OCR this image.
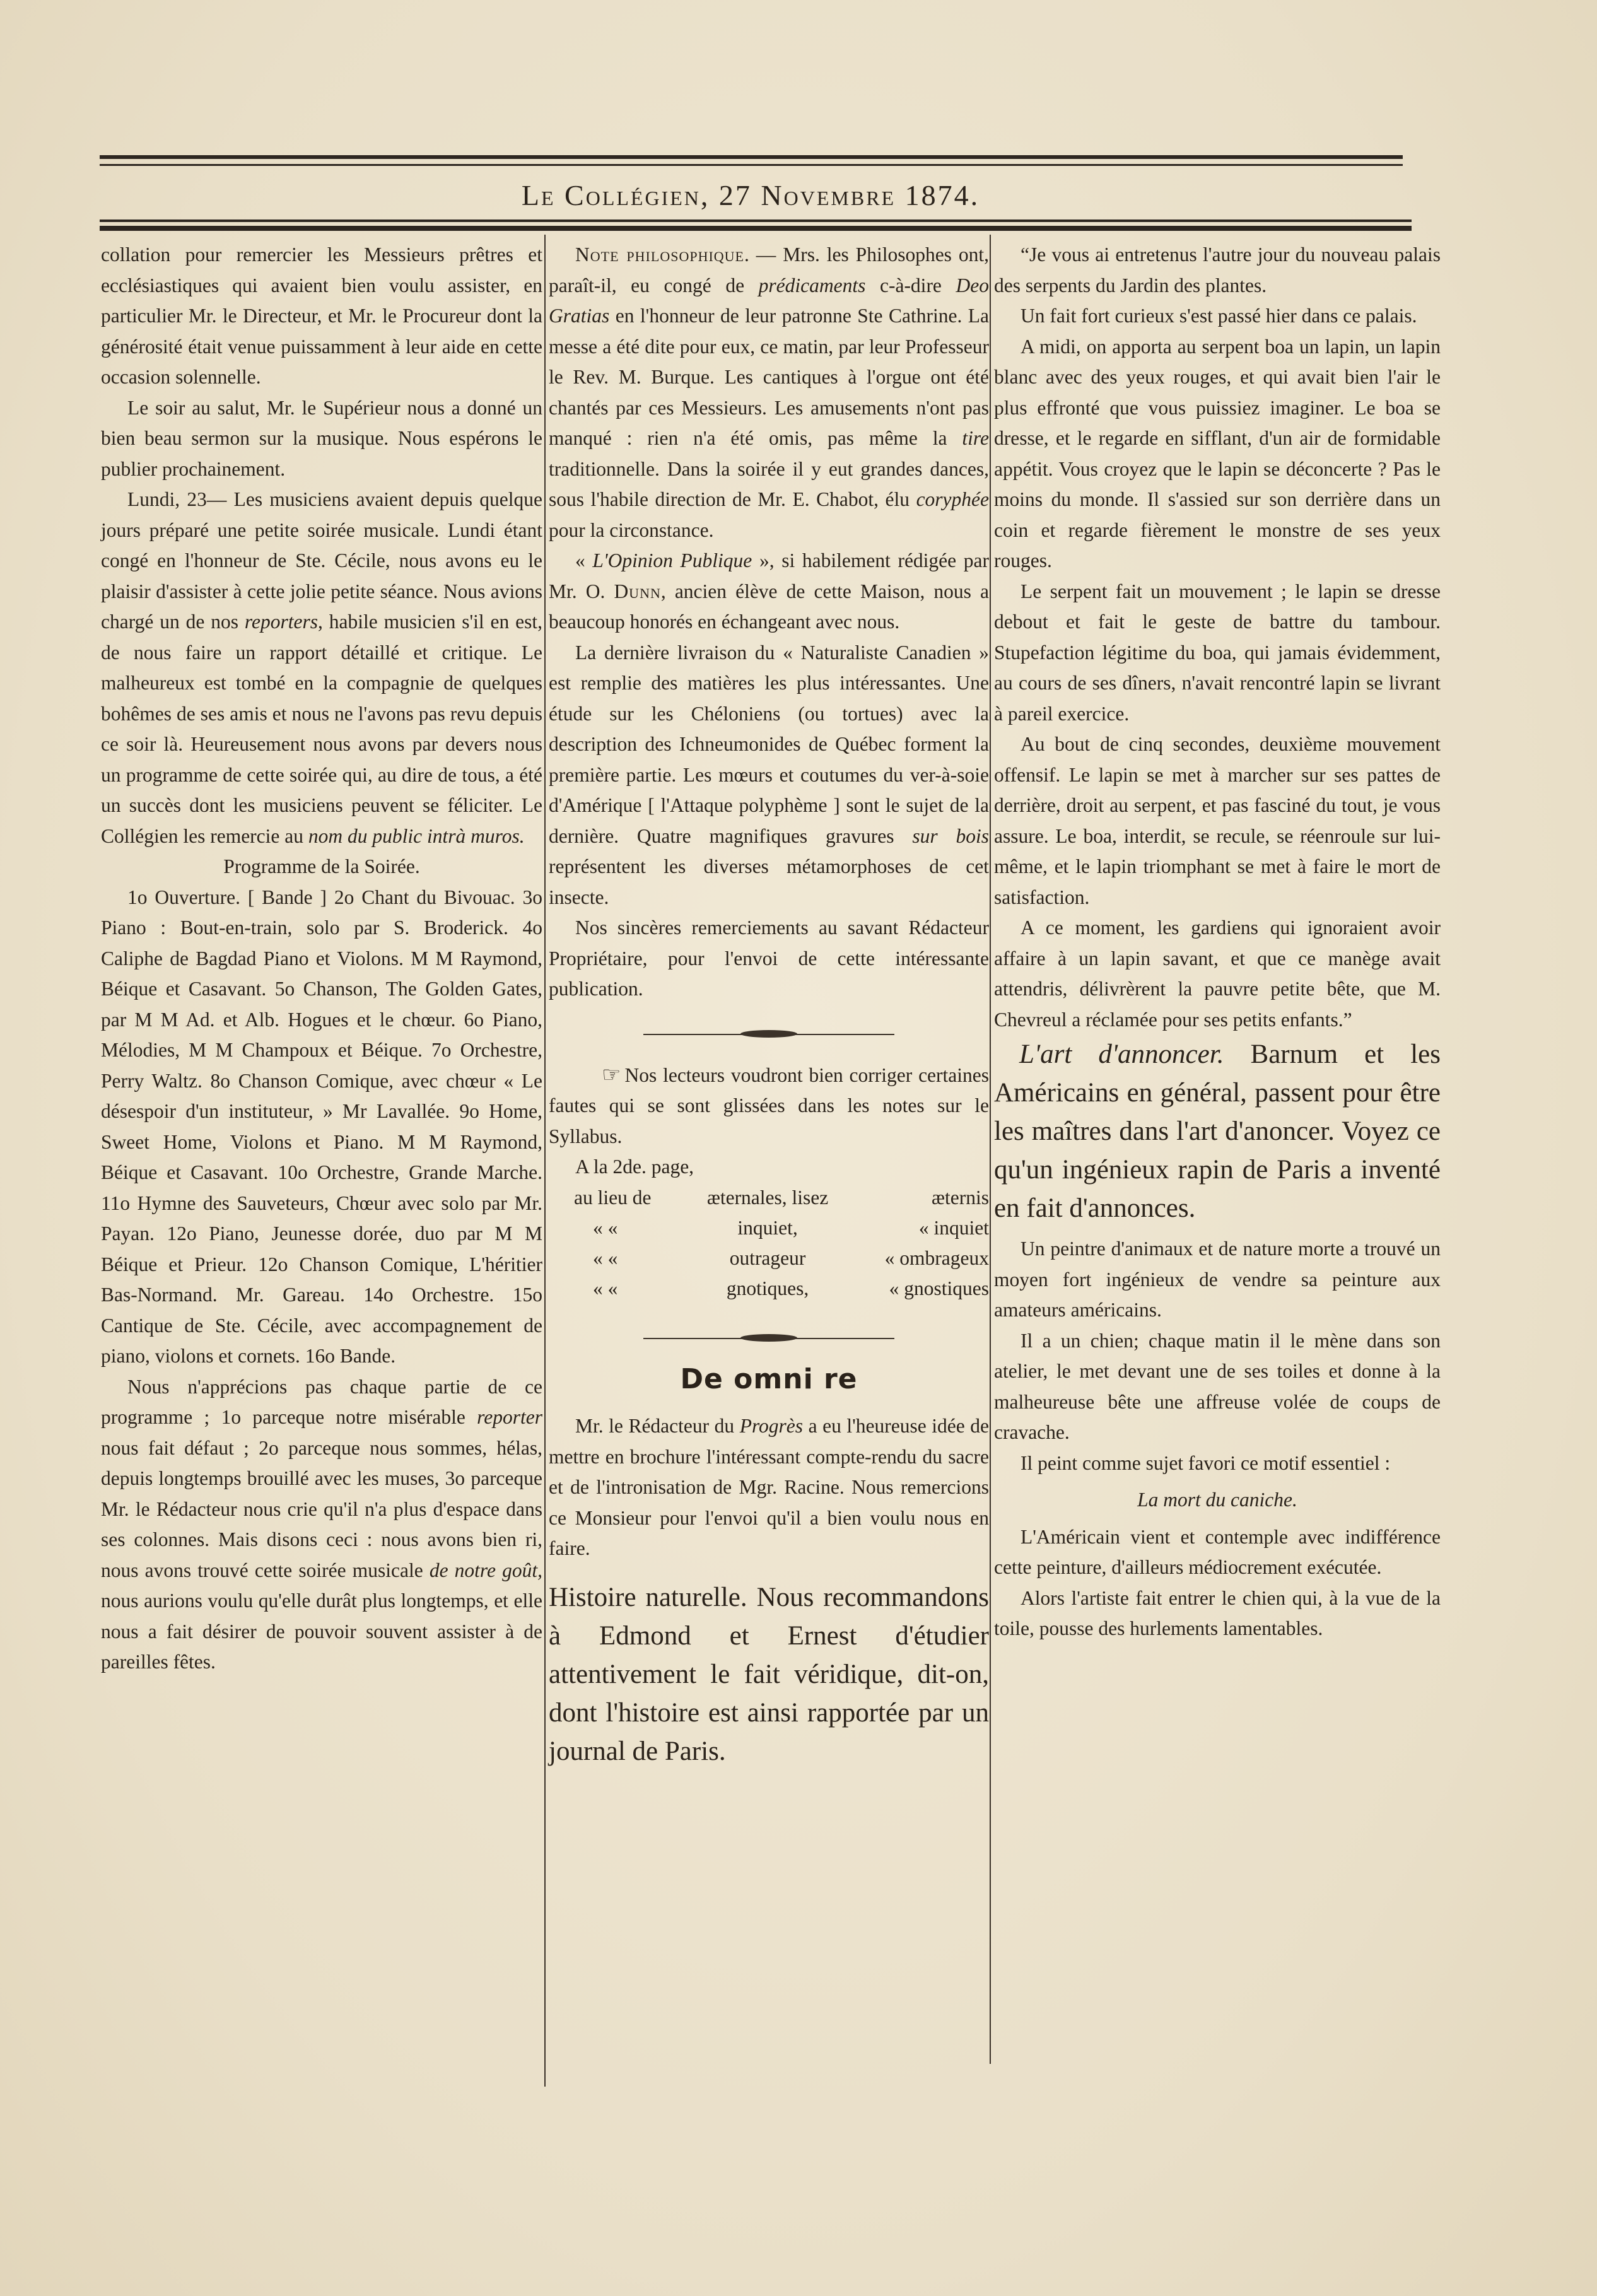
Le Collégien, 27 Novembre 1874.

collation pour remercier les Messieurs prêtres et ecclésiastiques qui avaient bien voulu assister, en particulier Mr. le Directeur, et Mr. le Procureur dont la générosité était venue puissamment à leur aide en cette occasion solennelle.

Le soir au salut, Mr. le Supérieur nous a donné un bien beau sermon sur la musique. Nous espérons le publier prochainement.

Lundi, 23— Les musiciens avaient depuis quelque jours préparé une petite soirée musicale. Lundi étant congé en l'honneur de Ste. Cécile, nous avons eu le plaisir d'assister à cette jolie petite séance. Nous avions chargé un de nos reporters, habile musicien s'il en est, de nous faire un rapport détaillé et critique. Le malheureux est tombé en la compagnie de quelques bohêmes de ses amis et nous ne l'avons pas revu depuis ce soir là. Heureusement nous avons par devers nous un programme de cette soirée qui, au dire de tous, a été un succès dont les musiciens peuvent se féliciter. Le Collégien les remercie au nom du public intrà muros.

Programme de la Soirée.

1o Ouverture. [ Bande ] 2o Chant du Bivouac. 3o Piano : Bout-en-train, solo par S. Broderick. 4o Caliphe de Bagdad Piano et Violons. M M Raymond, Béique et Casavant. 5o Chanson, The Golden Gates, par M M Ad. et Alb. Hogues et le chœur. 6o Piano, Mélodies, M M Champoux et Béique. 7o Orchestre, Perry Waltz. 8o Chanson Comique, avec chœur « Le désespoir d'un instituteur, » Mr Lavallée. 9o Home, Sweet Home, Violons et Piano. M M Raymond, Béique et Casavant. 10o Orchestre, Grande Marche. 11o Hymne des Sauveteurs, Chœur avec solo par Mr. Payan. 12o Piano, Jeunesse dorée, duo par M M Béique et Prieur. 12o Chanson Comique, L'héritier Bas-Normand. Mr. Gareau. 14o Orchestre. 15o Cantique de Ste. Cécile, avec accompagnement de piano, violons et cornets. 16o Bande.

Nous n'apprécions pas chaque partie de ce programme ; 1o parceque notre misérable reporter nous fait défaut ; 2o parceque nous sommes, hélas, depuis longtemps brouillé avec les muses, 3o parceque Mr. le Rédacteur nous crie qu'il n'a plus d'espace dans ses colonnes. Mais disons ceci : nous avons bien ri, nous avons trouvé cette soirée musicale de notre goût, nous aurions voulu qu'elle durât plus longtemps, et elle nous a fait désirer de pouvoir souvent assister à de pareilles fêtes.

Note philosophique. — Mrs. les Philosophes ont, paraît-il, eu congé de prédicaments c-à-dire Deo Gratias en l'honneur de leur patronne Ste Cathrine. La messe a été dite pour eux, ce matin, par leur Professeur le Rev. M. Burque. Les cantiques à l'orgue ont été chantés par ces Messieurs. Les amusements n'ont pas manqué : rien n'a été omis, pas même la tire traditionnelle. Dans la soirée il y eut grandes dances, sous l'habile direction de Mr. E. Chabot, élu coryphée pour la circonstance.

« L'Opinion Publique », si habilement rédigée par Mr. O. Dunn, ancien élève de cette Maison, nous a beaucoup honorés en échangeant avec nous.

La dernière livraison du « Naturaliste Canadien » est remplie des matières les plus intéressantes. Une étude sur les Chéloniens (ou tortues) avec la description des Ichneumonides de Québec forment la première partie. Les mœurs et coutumes du ver-à-soie d'Amérique [ l'Attaque polyphème ] sont le sujet de la dernière. Quatre magnifiques gravures sur bois représentent les diverses métamorphoses de cet insecte.

Nos sincères remerciements au savant Rédacteur Propriétaire, pour l'envoi de cette intéressante publication.

☞ Nos lecteurs voudront bien corriger certaines fautes qui se sont glissées dans les notes sur le Syllabus.

A la 2de. page,

au lieu de	æternales, lisez	æternis
« «	inquiet,	« inquiet
« «	outrageur	« ombrageux
« «	gnotiques,	« gnostiques
De omni re

Mr. le Rédacteur du Progrès a eu l'heureuse idée de mettre en brochure l'intéressant compte-rendu du sacre et de l'intronisation de Mgr. Racine. Nous remercions ce Monsieur pour l'envoi qu'il a bien voulu nous en faire.

Histoire naturelle. Nous recommandons à Edmond et Ernest d'étudier attentivement le fait véridique, dit-on, dont l'histoire est ainsi rapportée par un journal de Paris.

“Je vous ai entretenus l'autre jour du nouveau palais des serpents du Jardin des plantes.

Un fait fort curieux s'est passé hier dans ce palais.

A midi, on apporta au serpent boa un lapin, un lapin blanc avec des yeux rouges, et qui avait bien l'air le plus effronté que vous puissiez imaginer. Le boa se dresse, et le regarde en sifflant, d'un air de formidable appétit. Vous croyez que le lapin se déconcerte ? Pas le moins du monde. Il s'assied sur son derrière dans un coin et regarde fièrement le monstre de ses yeux rouges.

Le serpent fait un mouvement ; le lapin se dresse debout et fait le geste de battre du tambour. Stupefaction légitime du boa, qui jamais évidemment, au cours de ses dîners, n'avait rencontré lapin se livrant à pareil exercice.

Au bout de cinq secondes, deuxième mouvement offensif. Le lapin se met à marcher sur ses pattes de derrière, droit au serpent, et pas fasciné du tout, je vous assure. Le boa, interdit, se recule, se réenroule sur lui-même, et le lapin triomphant se met à faire le mort de satisfaction.

A ce moment, les gardiens qui ignoraient avoir affaire à un lapin savant, et que ce manège avait attendris, délivrèrent la pauvre petite bête, que M. Chevreul a réclamée pour ses petits enfants.”

L'art d'annoncer. Barnum et les Américains en général, passent pour être les maîtres dans l'art d'anoncer. Voyez ce qu'un ingénieux rapin de Paris a inventé en fait d'annonces.

Un peintre d'animaux et de nature morte a trouvé un moyen fort ingénieux de vendre sa peinture aux amateurs américains.

Il a un chien; chaque matin il le mène dans son atelier, le met devant une de ses toiles et donne à la malheureuse bête une affreuse volée de coups de cravache.

Il peint comme sujet favori ce motif essentiel :

La mort du caniche.

L'Américain vient et contemple avec indifférence cette peinture, d'ailleurs médiocrement exécutée.

Alors l'artiste fait entrer le chien qui, à la vue de la toile, pousse des hurlements lamentables.
